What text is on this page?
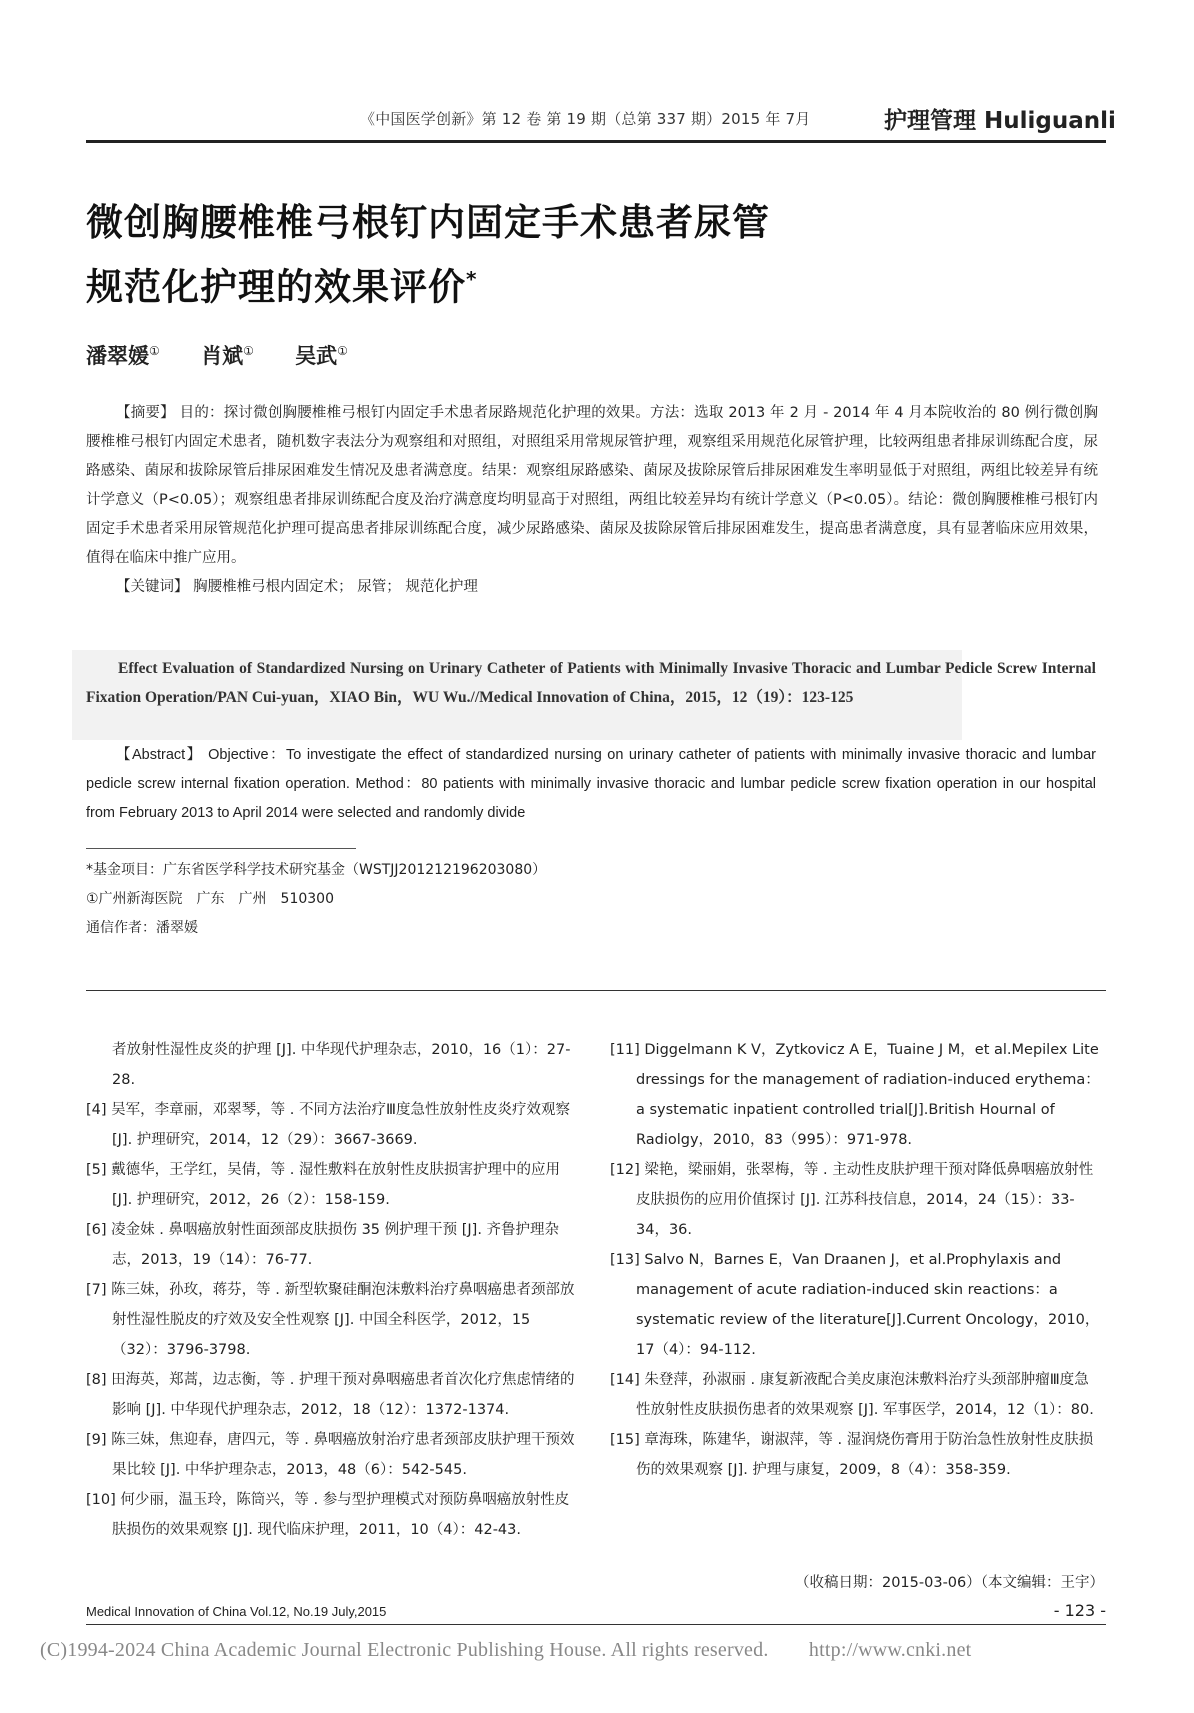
《中国医学创新》第 12 卷 第 19 期（总第 337 期）2015 年 7月	护理管理 Huliguanli
微创胸腰椎椎弓根钉内固定手术患者尿管
规范化护理的效果评价*
潘翠媛① 肖斌① 吴武①

【摘要】 目的：探讨微创胸腰椎椎弓根钉内固定手术患者尿路规范化护理的效果。方法：选取 2013 年 2 月 - 2014 年 4 月本院收治的 80 例行微创胸腰椎椎弓根钉内固定术患者，随机数字表法分为观察组和对照组，对照组采用常规尿管护理，观察组采用规范化尿管护理，比较两组患者排尿训练配合度，尿路感染、菌尿和拔除尿管后排尿困难发生情况及患者满意度。结果：观察组尿路感染、菌尿及拔除尿管后排尿困难发生率明显低于对照组，两组比较差异有统计学意义（P<0.05）；观察组患者排尿训练配合度及治疗满意度均明显高于对照组，两组比较差异均有统计学意义（P<0.05）。结论：微创胸腰椎椎弓根钉内固定手术患者采用尿管规范化护理可提高患者排尿训练配合度，减少尿路感染、菌尿及拔除尿管后排尿困难发生，提高患者满意度，具有显著临床应用效果，值得在临床中推广应用。

【关键词】 胸腰椎椎弓根内固定术； 尿管； 规范化护理

Effect Evaluation of Standardized Nursing on Urinary Catheter of Patients with Minimally Invasive Thoracic and Lumbar Pedicle Screw Internal Fixation Operation/PAN Cui-yuan，XIAO Bin，WU Wu.//Medical Innovation of China，2015，12（19）：123-125
【Abstract】 Objective：To investigate the effect of standardized nursing on urinary catheter of patients with minimally invasive thoracic and lumbar pedicle screw internal fixation operation. Method：80 patients with minimally invasive thoracic and lumbar pedicle screw fixation operation in our hospital from February 2013 to April 2014 were selected and randomly divide
*基金项目：广东省医学科学技术研究基金（WSTJJ201212196203080）
①广州新海医院　广东　广州　510300
通信作者：潘翠媛
者放射性湿性皮炎的护理 [J]. 中华现代护理杂志，2010，16（1）：27-28.
[4] 吴军，李章丽，邓翠琴，等 . 不同方法治疗Ⅲ度急性放射性皮炎疗效观察 [J]. 护理研究，2014，12（29）：3667-3669.
[5] 戴德华，王学红，吴倩，等 . 湿性敷料在放射性皮肤损害护理中的应用 [J]. 护理研究，2012，26（2）：158-159.
[6] 凌金妹 . 鼻咽癌放射性面颈部皮肤损伤 35 例护理干预 [J]. 齐鲁护理杂志，2013，19（14）：76-77.
[7] 陈三妹，孙玫，蒋芬，等 . 新型软聚硅酮泡沫敷料治疗鼻咽癌患者颈部放射性湿性脱皮的疗效及安全性观察 [J]. 中国全科医学，2012，15（32）：3796-3798.
[8] 田海英，郑蒿，边志衡，等 . 护理干预对鼻咽癌患者首次化疗焦虑情绪的影响 [J]. 中华现代护理杂志，2012，18（12）：1372-1374.
[9] 陈三妹，焦迎春，唐四元，等 . 鼻咽癌放射治疗患者颈部皮肤护理干预效果比较 [J]. 中华护理杂志，2013，48（6）：542-545.
[10] 何少丽，温玉玲，陈筒兴，等 . 参与型护理模式对预防鼻咽癌放射性皮肤损伤的效果观察 [J]. 现代临床护理，2011，10（4）：42-43.
[11] Diggelmann K V，Zytkovicz A E，Tuaine J M，et al.Mepilex Lite dressings for the management of radiation-induced erythema：a systematic inpatient controlled trial[J].British Hournal of Radiolgy，2010，83（995）：971-978.
[12] 梁艳，梁丽娟，张翠梅，等 . 主动性皮肤护理干预对降低鼻咽癌放射性皮肤损伤的应用价值探讨 [J]. 江苏科技信息，2014，24（15）：33-34，36.
[13] Salvo N，Barnes E，Van Draanen J，et al.Prophylaxis and management of acute radiation-induced skin reactions：a systematic review of the literature[J].Current Oncology，2010，17（4）：94-112.
[14] 朱登萍，孙淑丽 . 康复新液配合美皮康泡沫敷料治疗头颈部肿瘤Ⅲ度急性放射性皮肤损伤患者的效果观察 [J]. 军事医学，2014，12（1）：80.
[15] 章海珠，陈建华，谢淑萍，等 . 湿润烧伤膏用于防治急性放射性皮肤损伤的效果观察 [J]. 护理与康复，2009，8（4）：358-359.
（收稿日期：2015-03-06）（本文编辑：王宇）
Medical Innovation of China Vol.12, No.19 July,2015	- 123 -
(C)1994-2024 China Academic Journal Electronic Publishing House. All rights reserved.　　http://www.cnki.net
